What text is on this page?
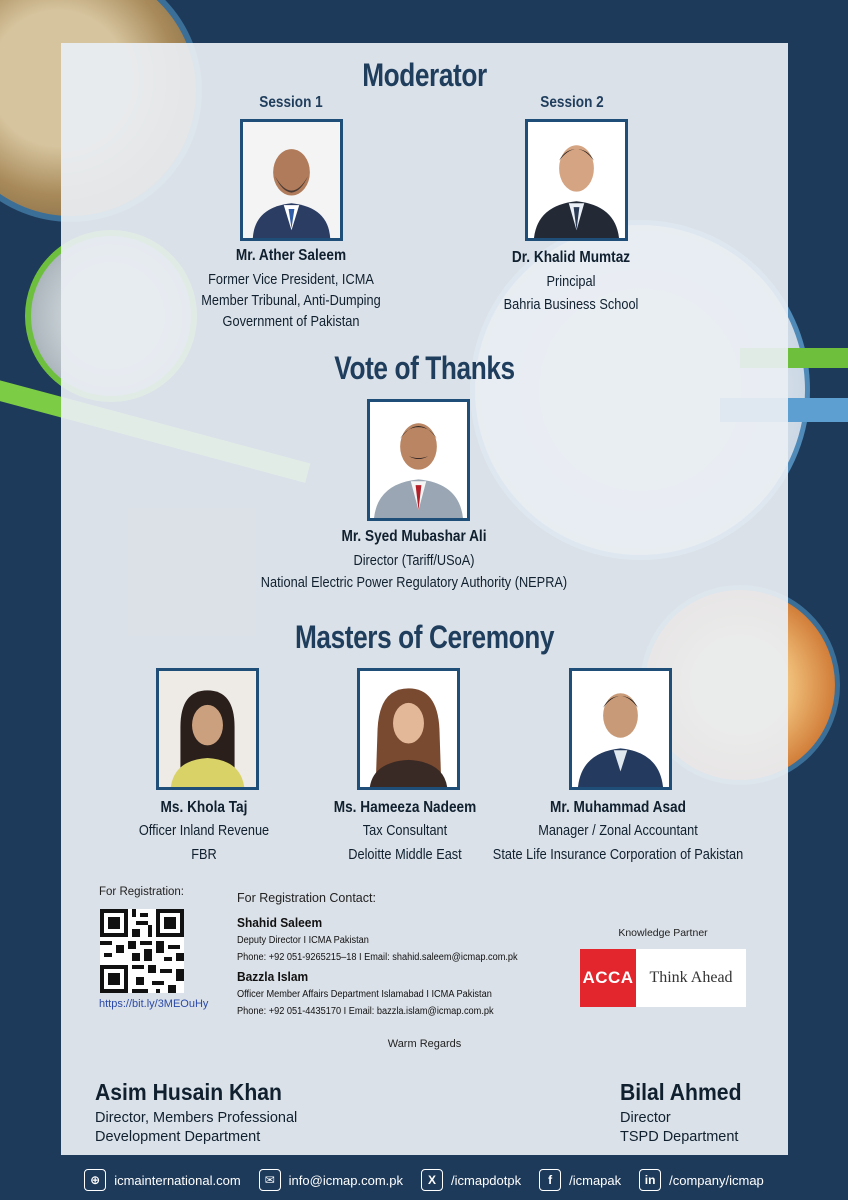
Moderator
Session 1
Mr. Ather Saleem
Former Vice President, ICMA
Member Tribunal, Anti-Dumping
Government of Pakistan
Session 2
Dr. Khalid Mumtaz
Principal
Bahria Business School
Vote of Thanks
Mr. Syed Mubashar Ali
Director (Tariff/USoA)
National Electric Power Regulatory Authority (NEPRA)
Masters of Ceremony
Ms. Khola Taj
Officer Inland Revenue
FBR
Ms. Hameeza Nadeem
Tax Consultant
Deloitte Middle East
Mr. Muhammad Asad
Manager / Zonal Accountant
State Life Insurance Corporation of Pakistan
For Registration:
https://bit.ly/3MEOuHy
For Registration Contact:
Shahid Saleem
Deputy Director I ICMA Pakistan
Phone: +92 051-9265215–18 I Email: shahid.saleem@icmap.com.pk
Bazzla Islam
Officer Member Affairs Department Islamabad I ICMA Pakistan
Phone: +92 051-4435170 I Email: bazzla.islam@icmap.com.pk
Knowledge Partner
ACCA Think Ahead
Warm Regards
Asim Husain Khan
Director, Members Professional
Development Department
Bilal Ahmed
Director
TSPD Department
⊕	icmainternational.com	✉	info@icmap.com.pk	X	/icmapdotpk	f	/icmapak	in	/company/icmap
